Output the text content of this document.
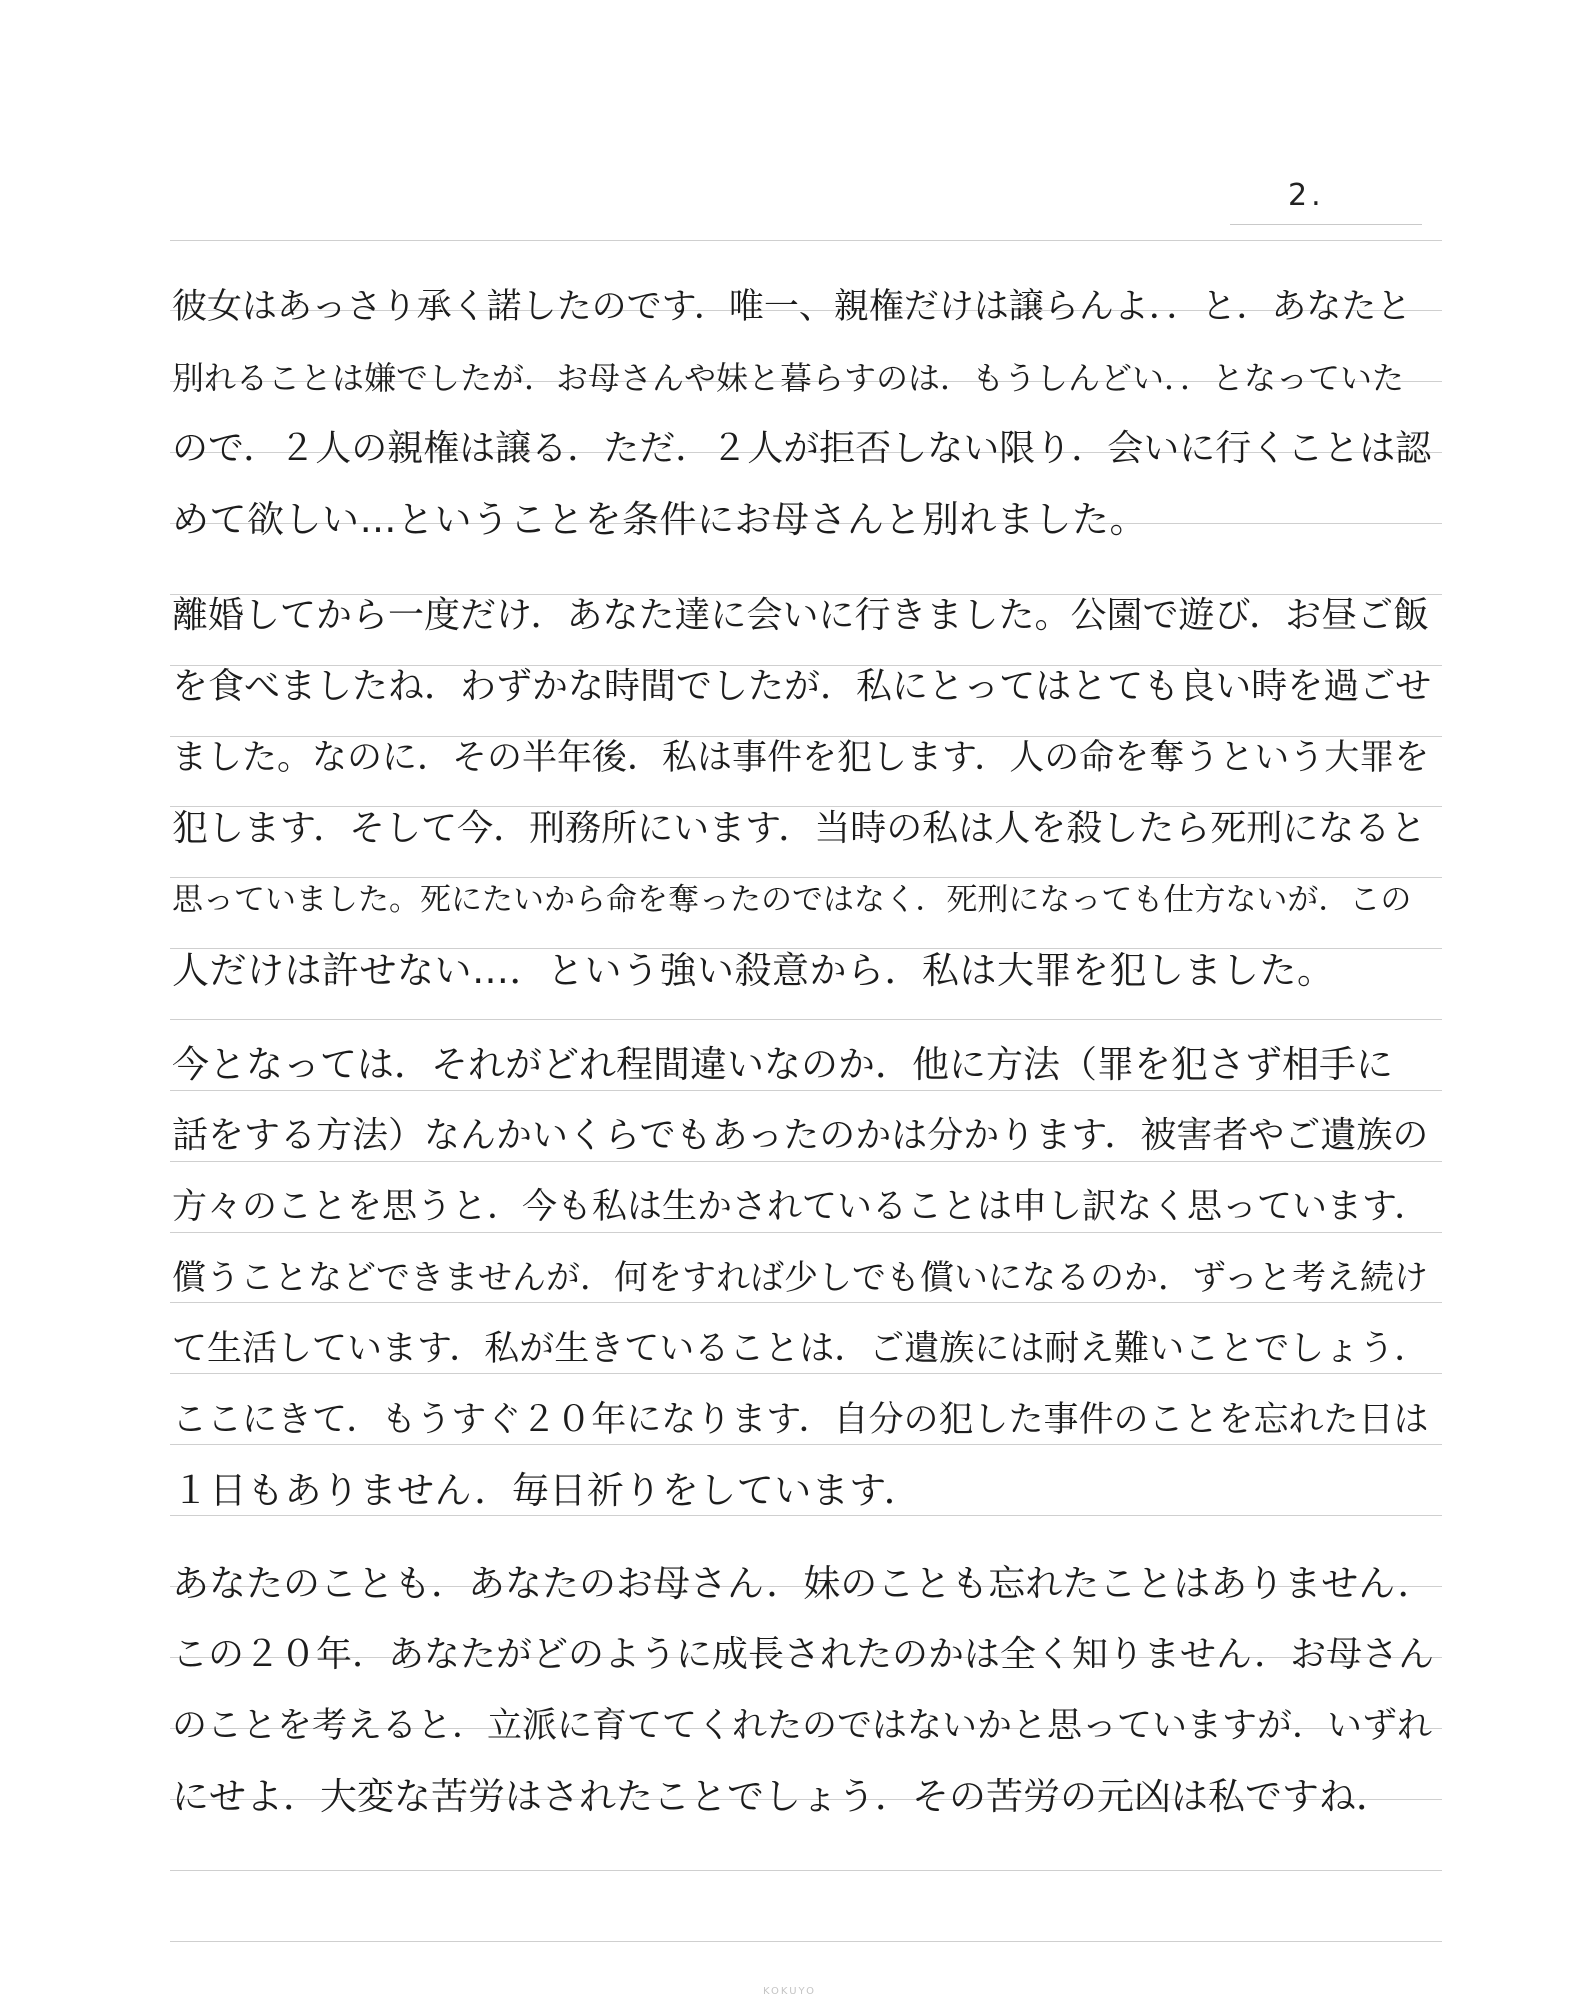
2.
彼女はあっさり承く諾したのです．唯一、親権だけは譲らんよ．．と．あなたと
別れることは嫌でしたが．お母さんや妹と暮らすのは．もうしんどい．．となっていた
ので．２人の親権は譲る．ただ．２人が拒否しない限り．会いに行くことは認
めて欲しい…ということを条件にお母さんと別れました。
離婚してから一度だけ．あなた達に会いに行きました。公園で遊び．お昼ご飯
を食べましたね．わずかな時間でしたが．私にとってはとても良い時を過ごせ
ました。なのに．その半年後．私は事件を犯します．人の命を奪うという大罪を
犯します．そして今．刑務所にいます．当時の私は人を殺したら死刑になると
思っていました。死にたいから命を奪ったのではなく．死刑になっても仕方ないが．この
人だけは許せない…．という強い殺意から．私は大罪を犯しました。
今となっては．それがどれ程間違いなのか．他に方法（罪を犯さず相手に
話をする方法）なんかいくらでもあったのかは分かります．被害者やご遺族の
方々のことを思うと．今も私は生かされていることは申し訳なく思っています．
償うことなどできませんが．何をすれば少しでも償いになるのか．ずっと考え続け
て生活しています．私が生きていることは．ご遺族には耐え難いことでしょう．
ここにきて．もうすぐ２０年になります．自分の犯した事件のことを忘れた日は
１日もありません．毎日祈りをしています．
あなたのことも．あなたのお母さん．妹のことも忘れたことはありません．
この２０年．あなたがどのように成長されたのかは全く知りません．お母さん
のことを考えると．立派に育ててくれたのではないかと思っていますが．いずれ
にせよ．大変な苦労はされたことでしょう．その苦労の元凶は私ですね．
KOKUYO
